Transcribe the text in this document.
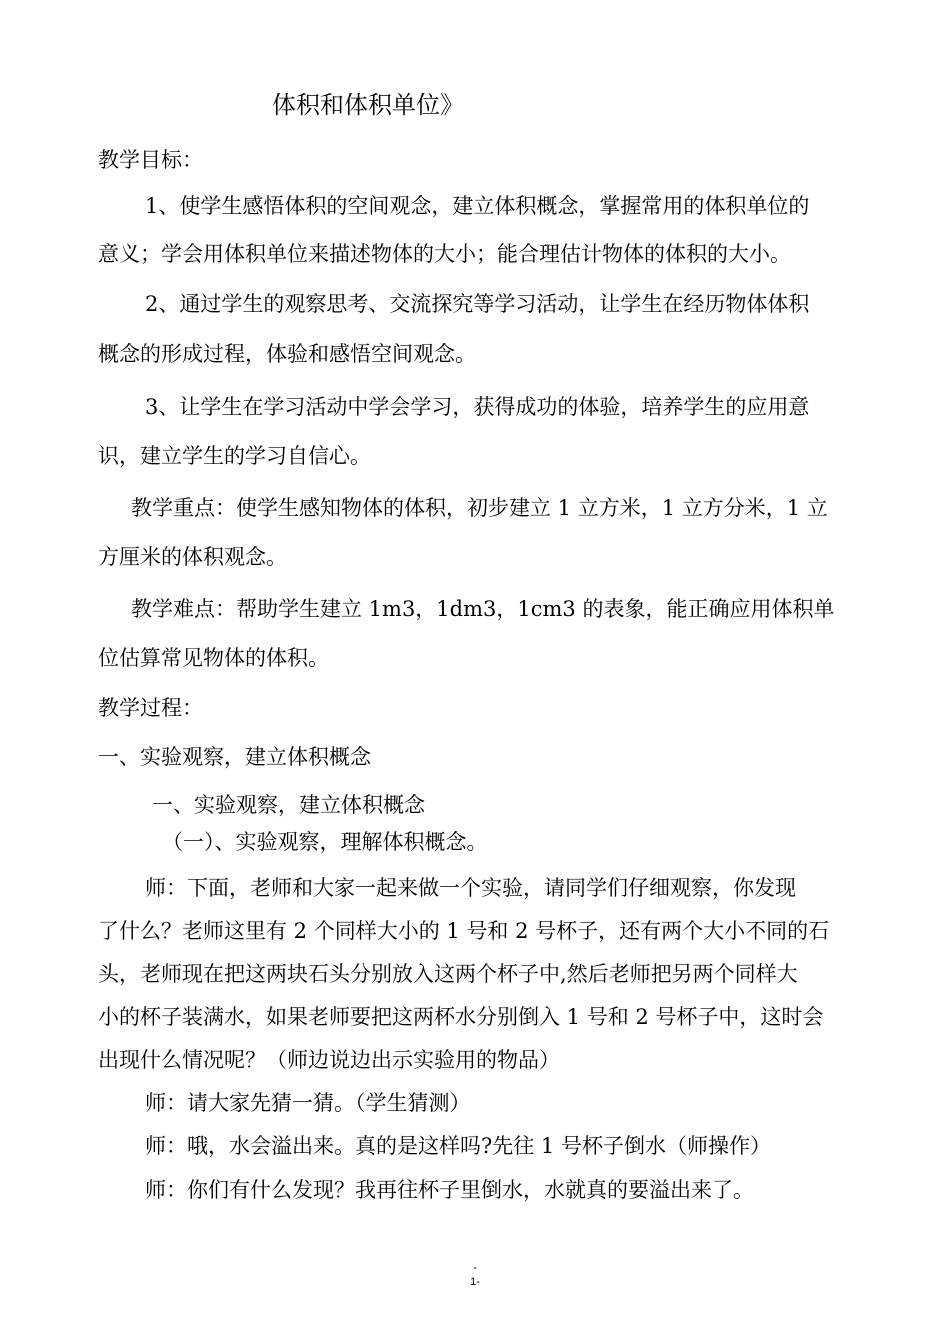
体积和体积单位》
教学目标：
1、使学生感悟体积的空间观念，建立体积概念，掌握常用的体积单位的
意义；学会用体积单位来描述物体的大小；能合理估计物体的体积的大小。
2、通过学生的观察思考、交流探究等学习活动，让学生在经历物体体积
概念的形成过程，体验和感悟空间观念。
3、让学生在学习活动中学会学习，获得成功的体验，培养学生的应用意
识，建立学生的学习自信心。
教学重点：使学生感知物体的体积，初步建立 1 立方米，1 立方分米，1 立
方厘米的体积观念。
教学难点：帮助学生建立 1m3，1dm3，1cm3 的表象，能正确应用体积单
位估算常见物体的体积。
教学过程：
一、实验观察，建立体积概念
一、实验观察，建立体积概念
（一）、实验观察，理解体积概念。
师：下面，老师和大家一起来做一个实验，请同学们仔细观察，你发现
了什么？老师这里有 2 个同样大小的 1 号和 2 号杯子，还有两个大小不同的石
头，老师现在把这两块石头分别放入这两个杯子中,然后老师把另两个同样大
小的杯子装满水，如果老师要把这两杯水分别倒入 1 号和 2 号杯子中，这时会
出现什么情况呢？（师边说边出示实验用的物品）
师：请大家先猜一猜。（学生猜测）
师：哦，水会溢出来。真的是这样吗?先往 1 号杯子倒水（师操作）
师：你们有什么发现？我再往杯子里倒水，水就真的要溢出来了。
-
1-
